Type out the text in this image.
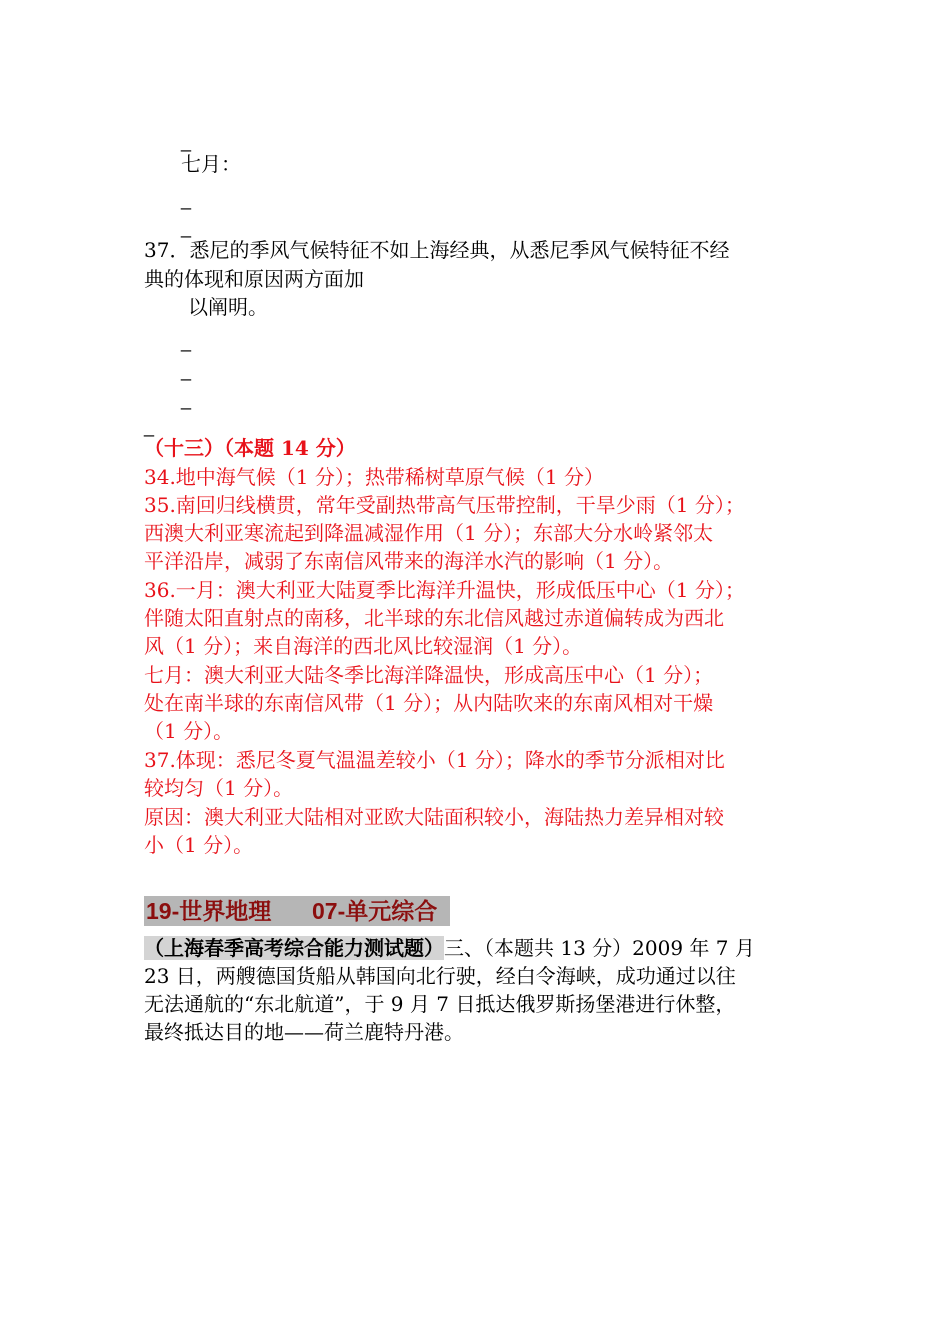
_
七月：
_
_
37．悉尼的季风气候特征不如上海经典，从悉尼季风气候特征不经
典的体现和原因两方面加
以阐明。
_
_
_
_
（十三）（本题 14 分）
34.地中海气候（1 分）；热带稀树草原气候（1 分）
35.南回归线横贯，常年受副热带高气压带控制，干旱少雨（1 分）；
西澳大利亚寒流起到降温减湿作用（1 分）；东部大分水岭紧邻太
平洋沿岸，减弱了东南信风带来的海洋水汽的影响（1 分）。
36.一月：澳大利亚大陆夏季比海洋升温快，形成低压中心（1 分）；
伴随太阳直射点的南移，北半球的东北信风越过赤道偏转成为西北
风（1 分）；来自海洋的西北风比较湿润（1 分）。
七月：澳大利亚大陆冬季比海洋降温快，形成高压中心（1 分）；
处在南半球的东南信风带（1 分）；从内陆吹来的东南风相对干燥
（1 分）。
37.体现：悉尼冬夏气温温差较小（1 分）；降水的季节分派相对比
较均匀（1 分）。
原因：澳大利亚大陆相对亚欧大陆面积较小，海陆热力差异相对较
小（1 分）。
19-世界地理 07-单元综合
（上海春季高考综合能力测试题）三、（本题共 13 分）2009 年 7 月
23 日，两艘德国货船从韩国向北行驶，经白令海峡，成功通过以往
无法通航的“东北航道”，于 9 月 7 日抵达俄罗斯扬堡港进行休整，
最终抵达目的地——荷兰鹿特丹港。
